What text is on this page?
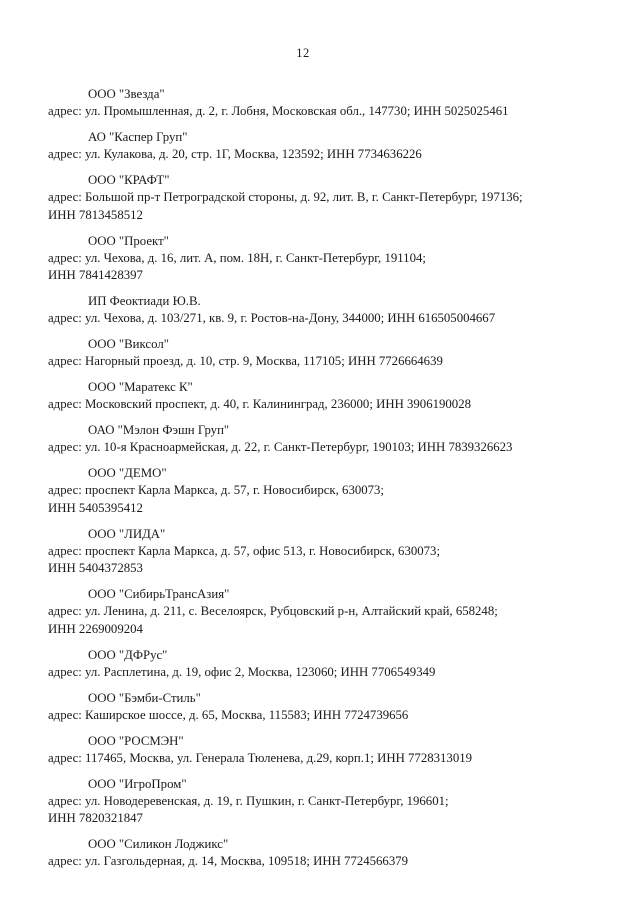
12
ООО "Звезда"
адрес: ул. Промышленная, д. 2, г. Лобня, Московская обл., 147730; ИНН 5025025461
АО "Каспер Груп"
адрес: ул. Кулакова, д. 20, стр. 1Г, Москва, 123592; ИНН 7734636226
ООО "КРАФТ"
адрес: Большой пр-т Петроградской стороны, д. 92, лит. В, г. Санкт-Петербург, 197136;
ИНН 7813458512
ООО "Проект"
адрес: ул. Чехова, д. 16, лит. А, пом. 18Н, г. Санкт-Петербург, 191104;
ИНН 7841428397
ИП Феоктиади Ю.В.
адрес: ул. Чехова, д. 103/271, кв. 9, г. Ростов-на-Дону, 344000; ИНН 616505004667
ООО "Виксол"
адрес: Нагорный проезд, д. 10, стр. 9, Москва, 117105; ИНН 7726664639
ООО "Маратекс К"
адрес: Московский проспект, д. 40, г. Калининград, 236000; ИНН 3906190028
ОАО "Мэлон Фэшн Груп"
адрес: ул. 10-я Красноармейская, д. 22, г. Санкт-Петербург, 190103; ИНН 7839326623
ООО "ДЕМО"
адрес: проспект Карла Маркса, д. 57, г. Новосибирск, 630073;
ИНН 5405395412
ООО "ЛИДА"
адрес: проспект Карла Маркса, д. 57, офис 513, г. Новосибирск, 630073;
ИНН 5404372853
ООО "СибирьТрансАзия"
адрес: ул. Ленина, д. 211, с. Веселоярск, Рубцовский р-н, Алтайский край, 658248;
ИНН 2269009204
ООО "ДФРус"
адрес: ул. Расплетина, д. 19, офис 2, Москва, 123060; ИНН 7706549349
ООО "Бэмби-Стиль"
адрес: Каширское шоссе, д. 65, Москва, 115583; ИНН 7724739656
ООО "РОСМЭН"
адрес: 117465, Москва, ул. Генерала Тюленева, д.29, корп.1; ИНН 7728313019
ООО "ИгроПром"
адрес: ул. Новодеревенская, д. 19, г. Пушкин, г. Санкт-Петербург, 196601;
ИНН 7820321847
ООО "Силикон Лоджикс"
адрес: ул. Газгольдерная, д. 14, Москва, 109518; ИНН 7724566379
